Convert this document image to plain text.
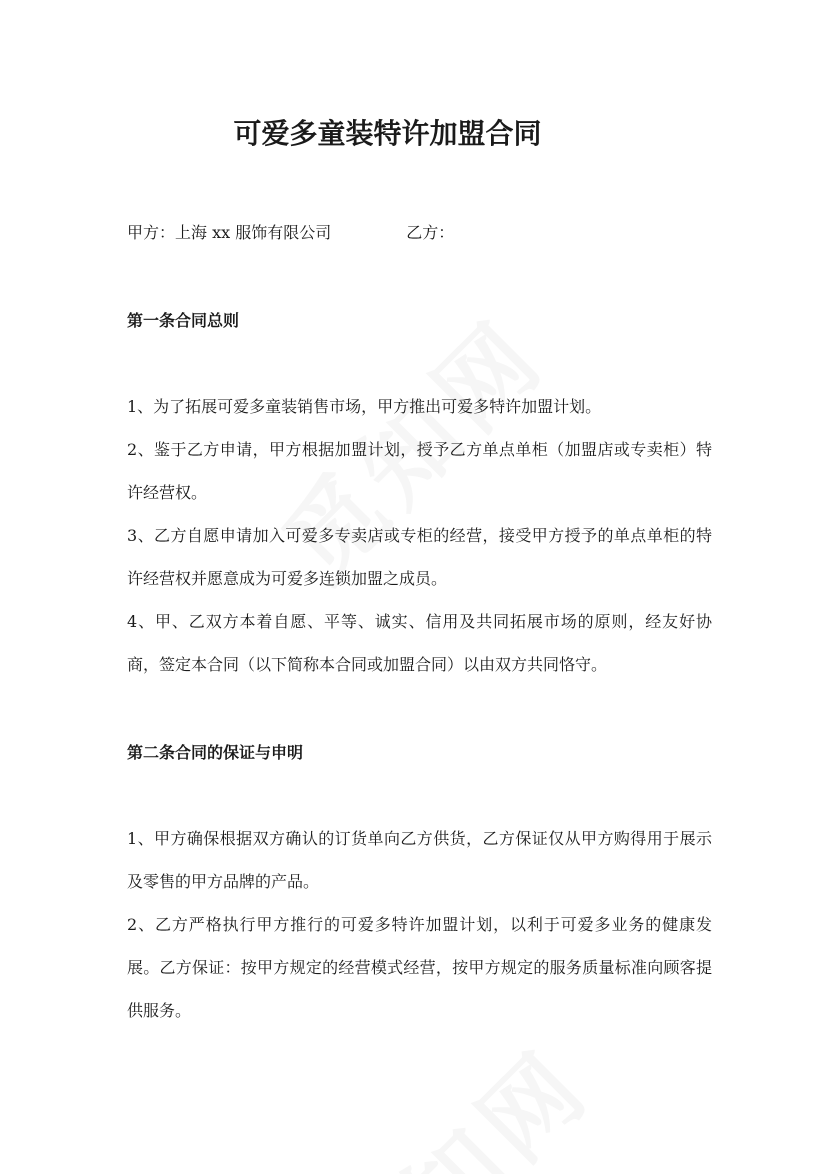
可爱多童装特许加盟合同
甲方：上海 xx 服饰有限公司	乙方：
第一条合同总则

1、为了拓展可爱多童装销售市场，甲方推出可爱多特许加盟计划。

2、鉴于乙方申请，甲方根据加盟计划，授予乙方单点单柜（加盟店或专卖柜）特许经营权。

3、乙方自愿申请加入可爱多专卖店或专柜的经营，接受甲方授予的单点单柜的特许经营权并愿意成为可爱多连锁加盟之成员。

4、甲、乙双方本着自愿、平等、诚实、信用及共同拓展市场的原则，经友好协商，签定本合同（以下简称本合同或加盟合同）以由双方共同恪守。

第二条合同的保证与申明

1、甲方确保根据双方确认的订货单向乙方供货，乙方保证仅从甲方购得用于展示及零售的甲方品牌的产品。

2、乙方严格执行甲方推行的可爱多特许加盟计划，以利于可爱多业务的健康发展。乙方保证：按甲方规定的经营模式经营，按甲方规定的服务质量标准向顾客提供服务。
